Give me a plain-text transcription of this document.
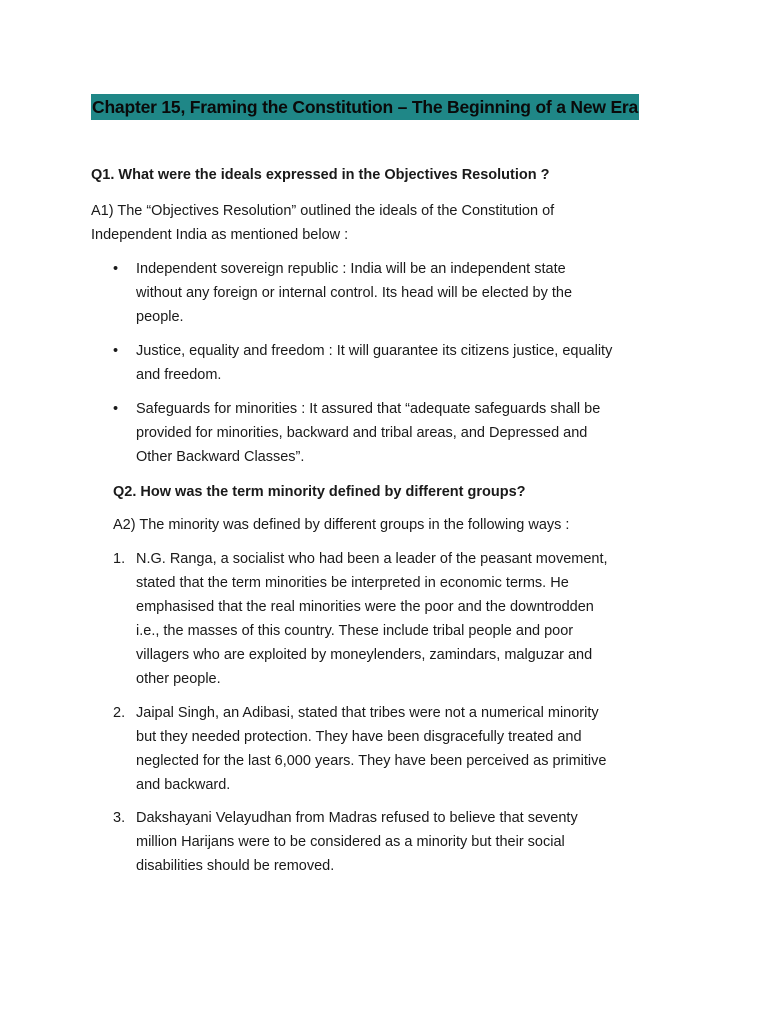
Chapter 15, Framing the Constitution – The Beginning of a New Era
Q1. What were the ideals expressed in the Objectives Resolution ?
A1) The “Objectives Resolution” outlined the ideals of the Constitution of
Independent India as mentioned below :
•	Independent sovereign republic : India will be an independent state
without any foreign or internal control. Its head will be elected by the
people.
•	Justice, equality and freedom : It will guarantee its citizens justice, equality
and freedom.
•	Safeguards for minorities : It assured that “adequate safeguards shall be
provided for minorities, backward and tribal areas, and Depressed and
Other Backward Classes”.
Q2. How was the term minority defined by different groups?
A2) The minority was defined by different groups in the following ways :
1. N.G. Ranga, a socialist who had been a leader of the peasant movement,
stated that the term minorities be interpreted in economic terms. He
emphasised that the real minorities were the poor and the downtrodden
i.e., the masses of this country. These include tribal people and poor
villagers who are exploited by moneylenders, zamindars, malguzar and
other people.
2. Jaipal Singh, an Adibasi, stated that tribes were not a numerical minority
but they needed protection. They have been disgracefully treated and
neglected for the last 6,000 years. They have been perceived as primitive
and backward.
3. Dakshayani Velayudhan from Madras refused to believe that seventy
million Harijans were to be considered as a minority but their social
disabilities should be removed.
